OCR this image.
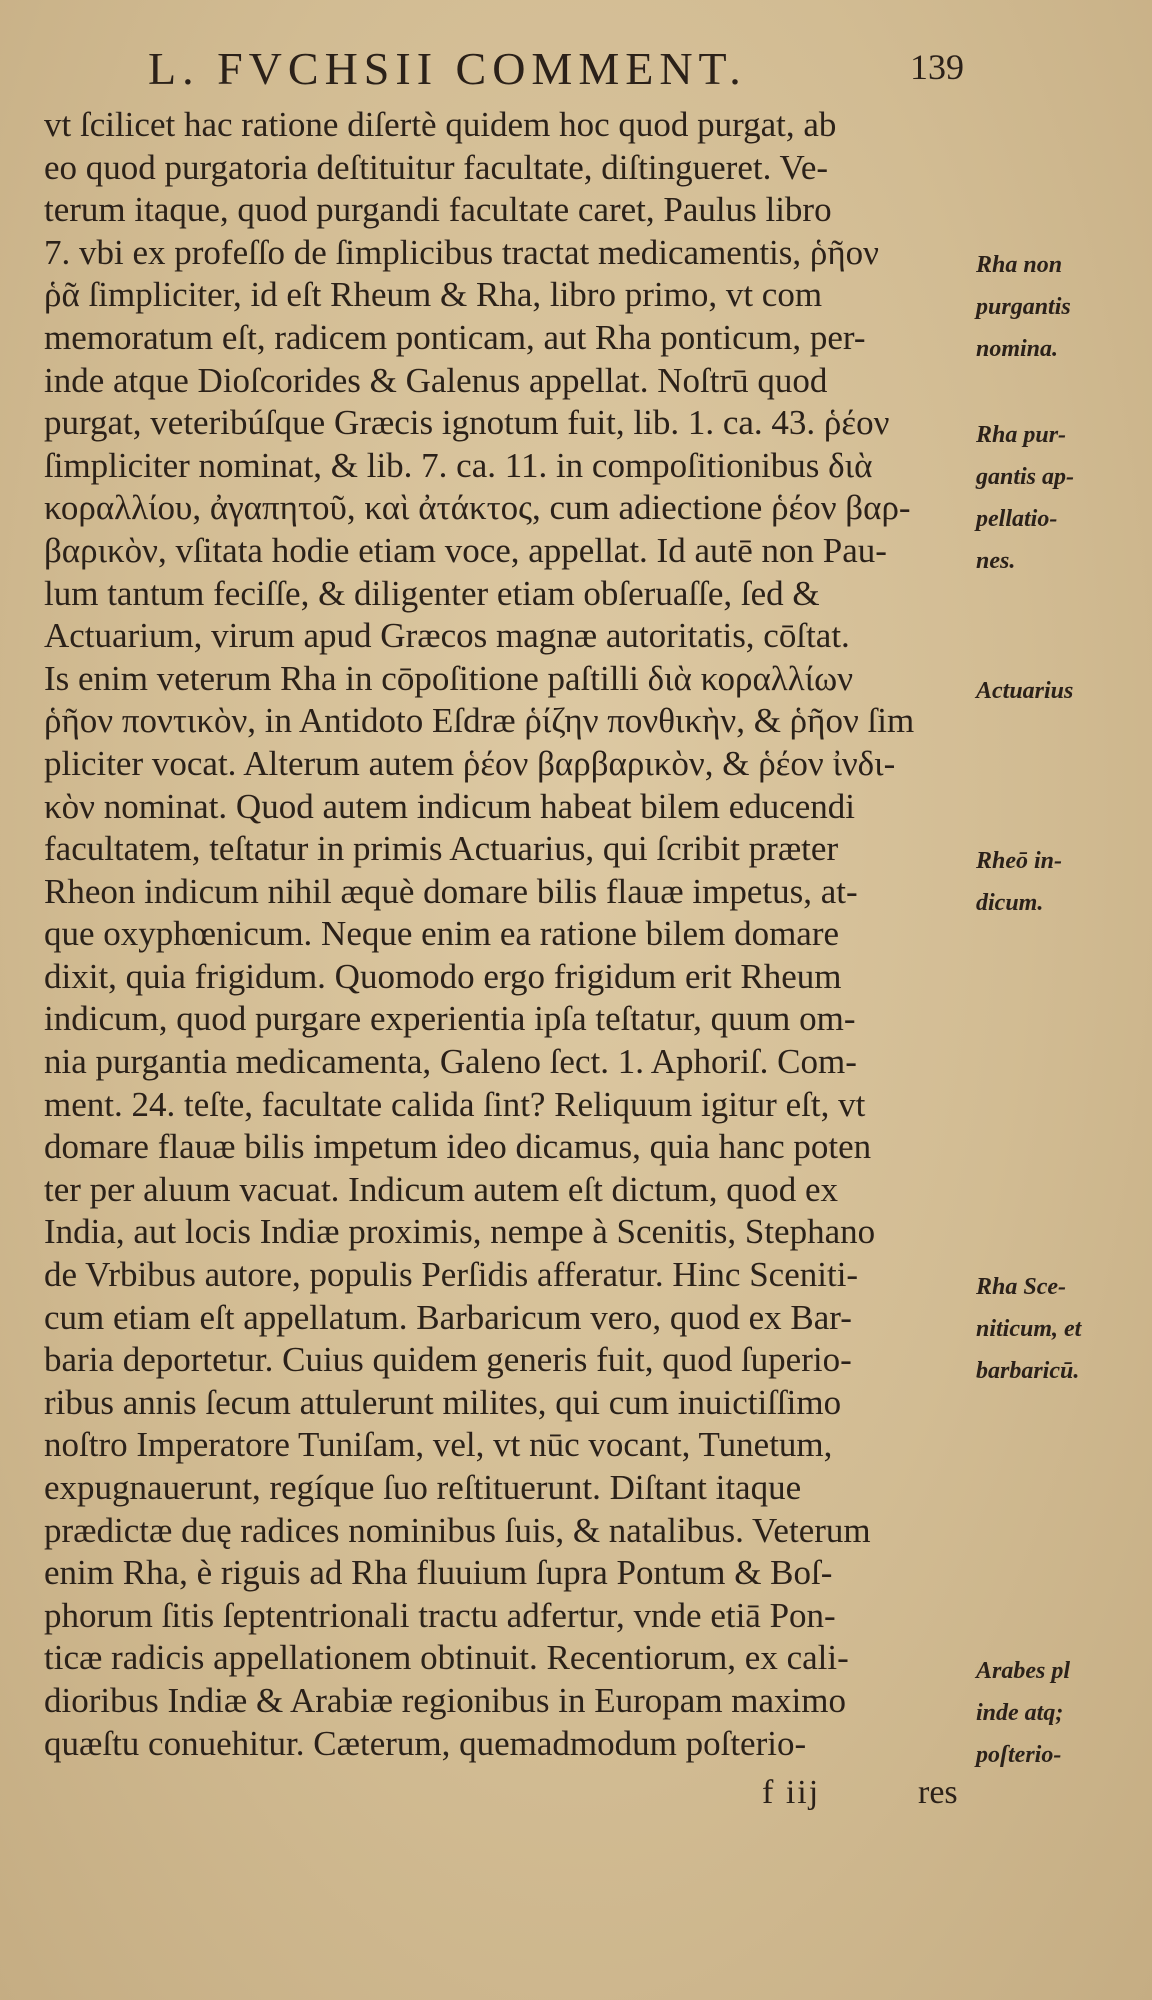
L. FVCHSII COMMENT.	139
vt ſcilicet hac ratione diſertè quidem hoc quod purgat, ab
eo quod purgatoria deſtituitur facultate, diſtingueret. Ve-
terum itaque, quod purgandi facultate caret, Paulus libro
7. vbi ex profeſſo de ſimplicibus tractat medicamentis, ῥῆον
ῥᾶ ſimpliciter, id eſt Rheum & Rha, libro primo, vt com
memoratum eſt, radicem ponticam, aut Rha ponticum, per-
inde atque Dioſcorides & Galenus appellat. Noſtrū quod
purgat, veteribúſque Græcis ignotum fuit, lib. 1. ca. 43. ῥέον
ſimpliciter nominat, & lib. 7. ca. 11. in compoſitionibus διὰ
κοραλλίου, ἀγαπητοῦ, καὶ ἀτάκτος, cum adiectione ῥέον βαρ-
βαρικὸν, vſitata hodie etiam voce, appellat. Id autē non Pau-
lum tantum feciſſe, & diligenter etiam obſeruaſſe, ſed &
Actuarium, virum apud Græcos magnæ autoritatis, cōſtat.
Is enim veterum Rha in cōpoſitione paſtilli διὰ κοραλλίων
ῥῆον ποντικὸν, in Antidoto Eſdræ ῥίζην πονθικὴν, & ῥῆον ſim
pliciter vocat. Alterum autem ῥέον βαρβαρικὸν, & ῥέον ἰνδι-
κὸν nominat. Quod autem indicum habeat bilem educendi
facultatem, teſtatur in primis Actuarius, qui ſcribit præter
Rheon indicum nihil æquè domare bilis flauæ impetus, at-
que oxyphœnicum. Neque enim ea ratione bilem domare
dixit, quia frigidum. Quomodo ergo frigidum erit Rheum
indicum, quod purgare experientia ipſa teſtatur, quum om-
nia purgantia medicamenta, Galeno ſect. 1. Aphoriſ. Com-
ment. 24. teſte, facultate calida ſint? Reliquum igitur eſt, vt
domare flauæ bilis impetum ideo dicamus, quia hanc poten
ter per aluum vacuat. Indicum autem eſt dictum, quod ex
India, aut locis Indiæ proximis, nempe à Scenitis, Stephano
de Vrbibus autore, populis Perſidis afferatur. Hinc Sceniti-
cum etiam eſt appellatum. Barbaricum vero, quod ex Bar-
baria deportetur. Cuius quidem generis fuit, quod ſuperio-
ribus annis ſecum attulerunt milites, qui cum inuictiſſimo
noſtro Imperatore Tuniſam, vel, vt nūc vocant, Tunetum,
expugnauerunt, regíque ſuo reſtituerunt. Diſtant itaque
prædictæ duę radices nominibus ſuis, & natalibus. Veterum
enim Rha, è riguis ad Rha fluuium ſupra Pontum & Boſ-
phorum ſitis ſeptentrionali tractu adfertur, vnde etiā Pon-
ticæ radicis appellationem obtinuit. Recentiorum, ex cali-
dioribus Indiæ & Arabiæ regionibus in Europam maximo
quæſtu conuehitur. Cæterum, quemadmodum poſterio-
Rha non
purgantis
nomina.
Rha pur-
gantis ap-
pellatio-
nes.
Actuarius
Rheō in-
dicum.
Rha Sce-
niticum, et
barbaricū.
Arabes pl
inde atq;
poſterio-
f iij	res
